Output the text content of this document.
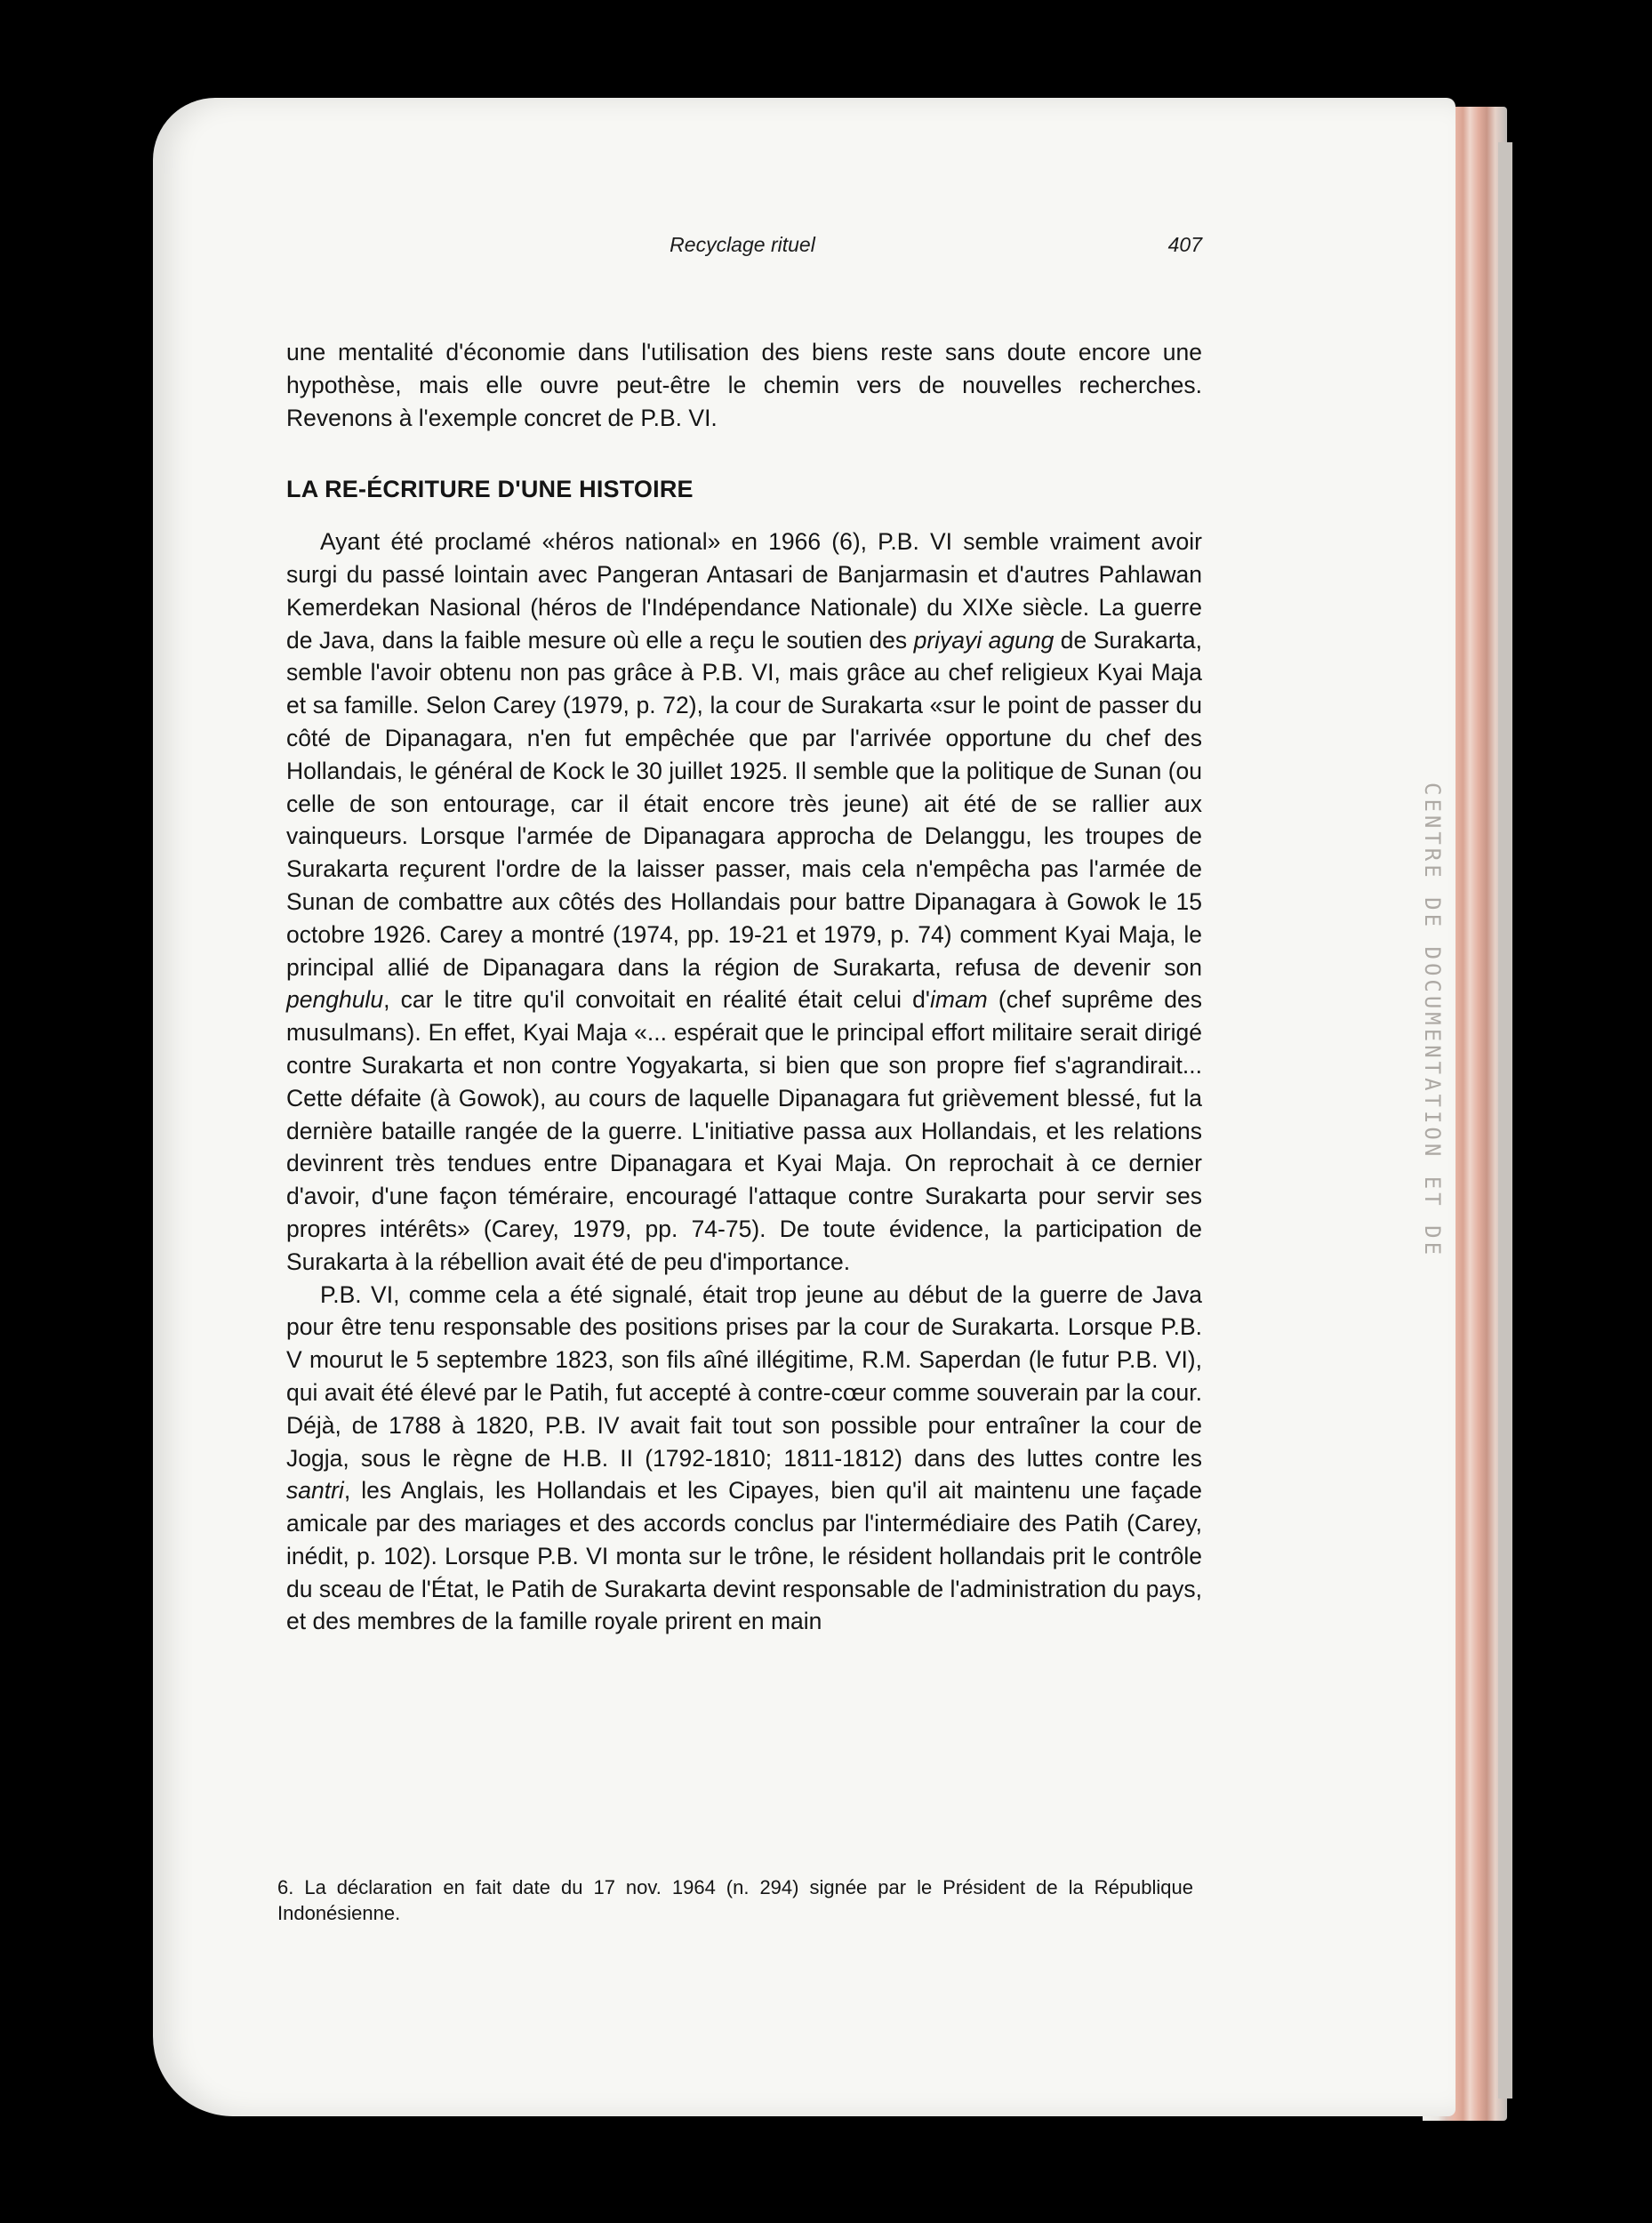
CENTRE DE DOCUMENTATION ET DE
Recyclage rituel	407

une mentalité d'économie dans l'utilisation des biens reste sans doute encore une hypothèse, mais elle ouvre peut-être le chemin vers de nouvelles recherches. Revenons à l'exemple concret de P.B. VI.

LA RE-ÉCRITURE D'UNE HISTOIRE

Ayant été proclamé «héros national» en 1966 (6), P.B. VI semble vraiment avoir surgi du passé lointain avec Pangeran Antasari de Banjarmasin et d'autres Pahlawan Kemerdekan Nasional (héros de l'Indépendance Nationale) du XIXe siècle. La guerre de Java, dans la faible mesure où elle a reçu le soutien des priyayi agung de Surakarta, semble l'avoir obtenu non pas grâce à P.B. VI, mais grâce au chef religieux Kyai Maja et sa famille. Selon Carey (1979, p. 72), la cour de Surakarta «sur le point de passer du côté de Dipanagara, n'en fut empêchée que par l'arrivée opportune du chef des Hollandais, le général de Kock le 30 juillet 1925. Il semble que la politique de Sunan (ou celle de son entourage, car il était encore très jeune) ait été de se rallier aux vainqueurs. Lorsque l'armée de Dipanagara approcha de Delanggu, les troupes de Surakarta reçurent l'ordre de la laisser passer, mais cela n'empêcha pas l'armée de Sunan de combattre aux côtés des Hollandais pour battre Dipanagara à Gowok le 15 octobre 1926. Carey a montré (1974, pp. 19-21 et 1979, p. 74) comment Kyai Maja, le principal allié de Dipanagara dans la région de Surakarta, refusa de devenir son penghulu, car le titre qu'il convoitait en réalité était celui d'imam (chef suprême des musulmans). En effet, Kyai Maja «... espérait que le principal effort militaire serait dirigé contre Surakarta et non contre Yogyakarta, si bien que son propre fief s'agrandirait... Cette défaite (à Gowok), au cours de laquelle Dipanagara fut grièvement blessé, fut la dernière bataille rangée de la guerre. L'initiative passa aux Hollandais, et les relations devinrent très tendues entre Dipanagara et Kyai Maja. On reprochait à ce dernier d'avoir, d'une façon téméraire, encouragé l'attaque contre Surakarta pour servir ses propres intérêts» (Carey, 1979, pp. 74-75). De toute évidence, la participation de Surakarta à la rébellion avait été de peu d'importance.

P.B. VI, comme cela a été signalé, était trop jeune au début de la guerre de Java pour être tenu responsable des positions prises par la cour de Surakarta. Lorsque P.B. V mourut le 5 septembre 1823, son fils aîné illégitime, R.M. Saperdan (le futur P.B. VI), qui avait été élevé par le Patih, fut accepté à contre-cœur comme souverain par la cour. Déjà, de 1788 à 1820, P.B. IV avait fait tout son possible pour entraîner la cour de Jogja, sous le règne de H.B. II (1792-1810; 1811-1812) dans des luttes contre les santri, les Anglais, les Hollandais et les Cipayes, bien qu'il ait maintenu une façade amicale par des mariages et des accords conclus par l'intermédiaire des Patih (Carey, inédit, p. 102). Lorsque P.B. VI monta sur le trône, le résident hollandais prit le contrôle du sceau de l'État, le Patih de Surakarta devint responsable de l'administration du pays, et des membres de la famille royale prirent en main

6. La déclaration en fait date du 17 nov. 1964 (n. 294) signée par le Président de la République Indonésienne.
